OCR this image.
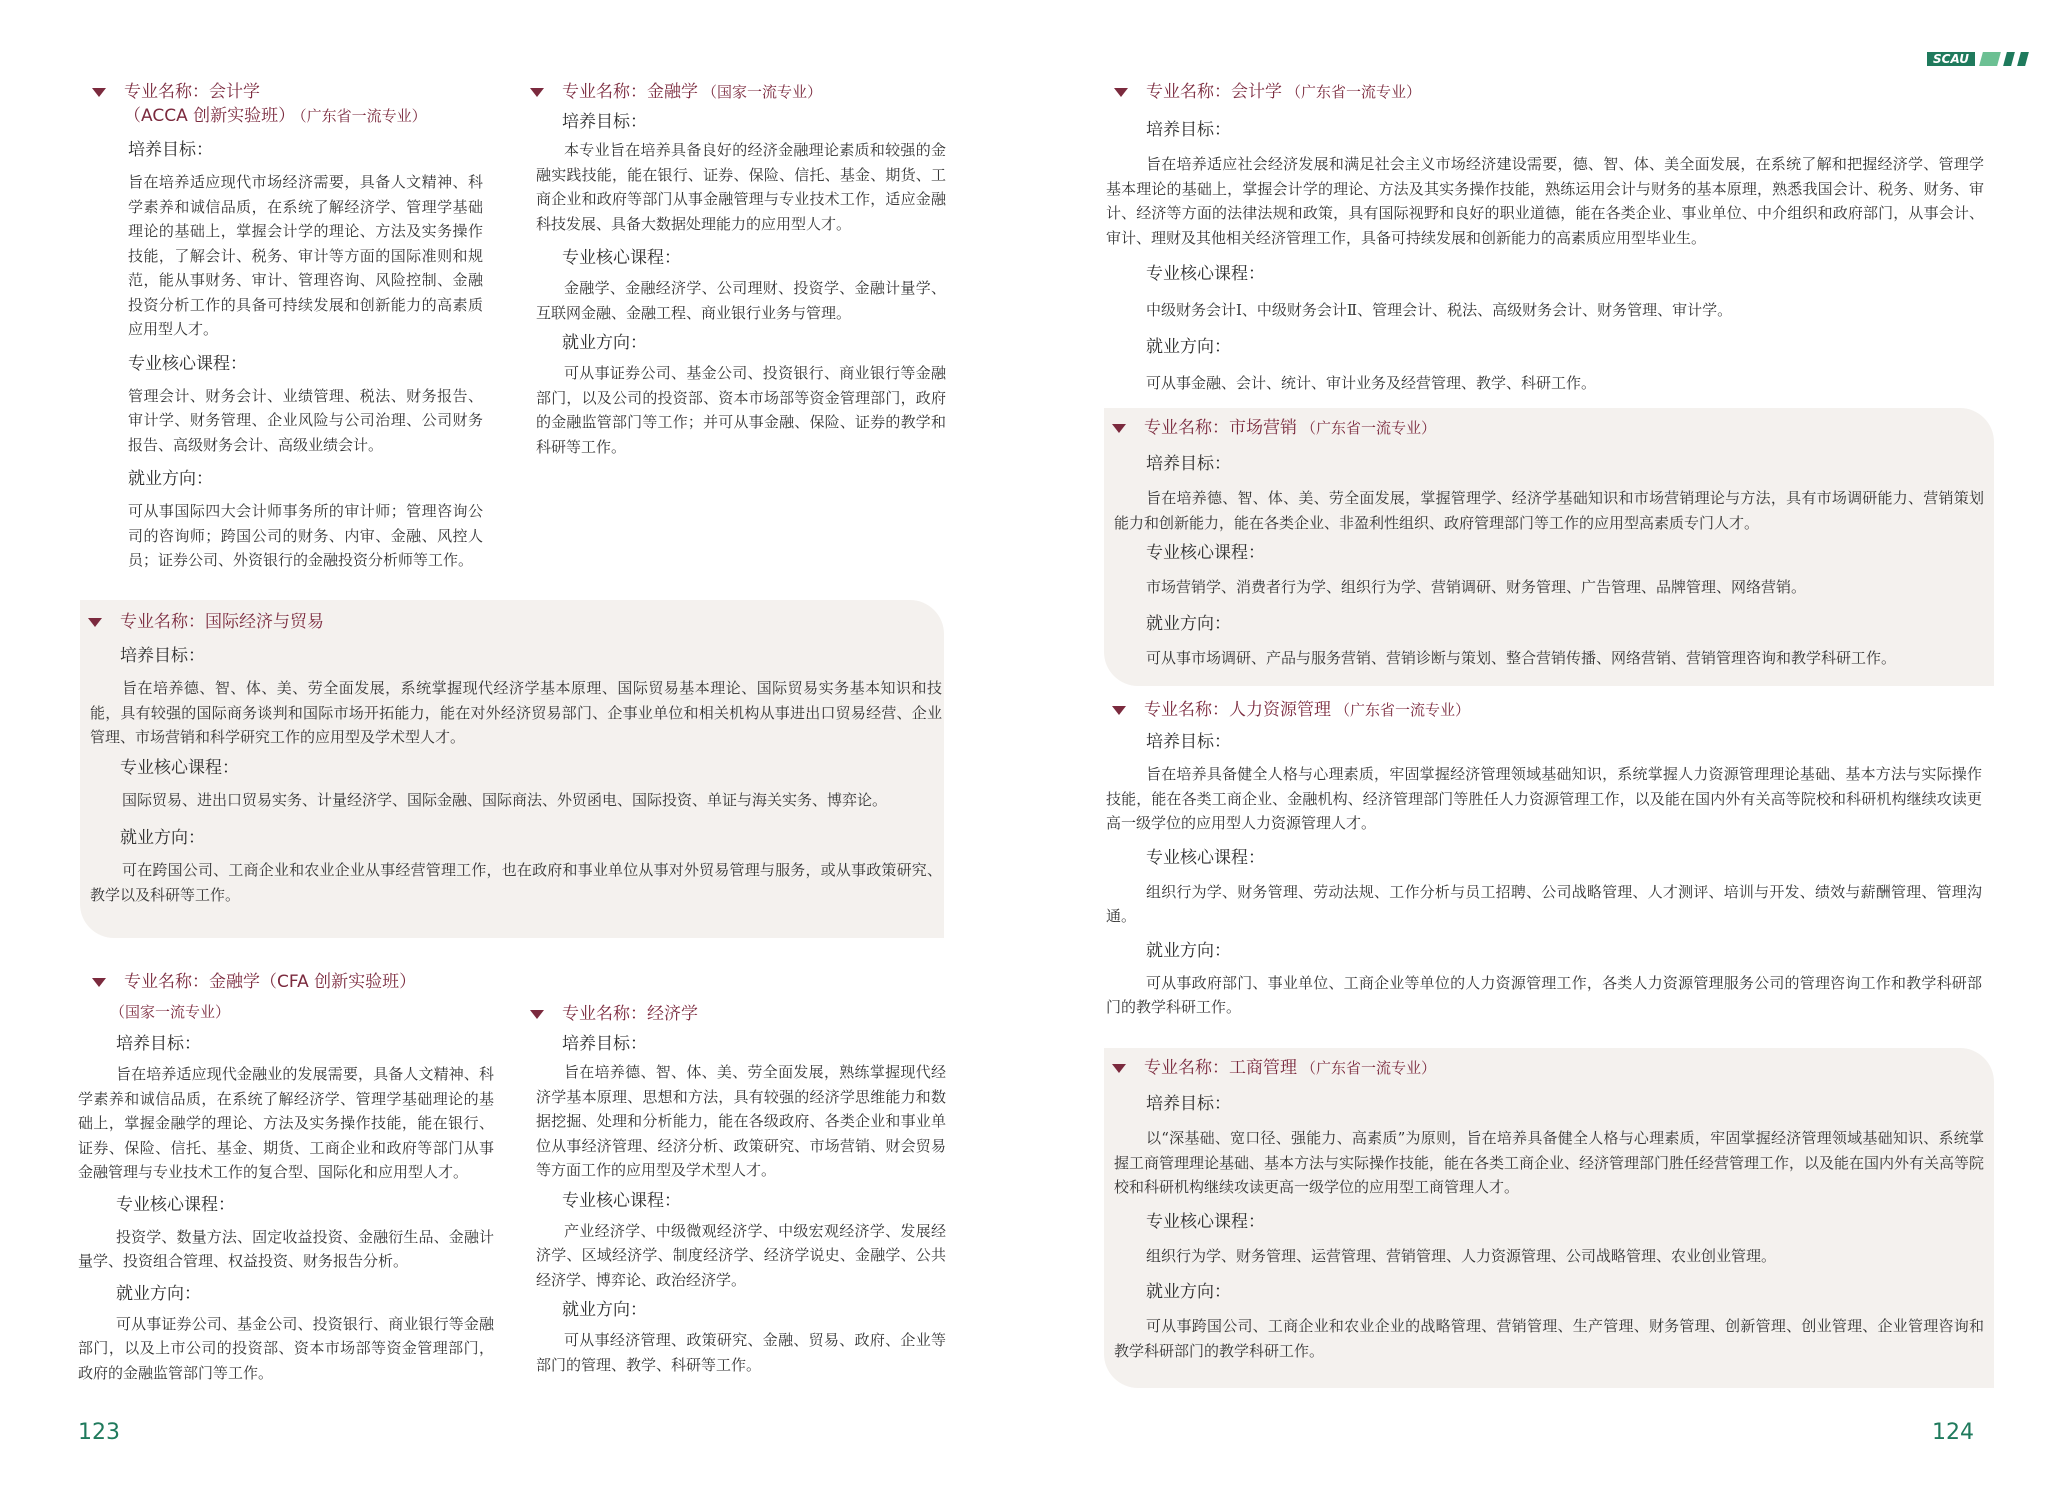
专业名称：会计学
（ACCA 创新实验班） （广东省一流专业）
培养目标：
旨在培养适应现代市场经济需要，具备人文精神、科学素养和诚信品质，在系统了解经济学、管理学基础理论的基础上，掌握会计学的理论、方法及实务操作技能，了解会计、税务、审计等方面的国际准则和规范，能从事财务、审计、管理咨询、风险控制、金融投资分析工作的具备可持续发展和创新能力的高素质应用型人才。
专业核心课程：
管理会计、财务会计、业绩管理、税法、财务报告、审计学、财务管理、企业风险与公司治理、公司财务报告、高级财务会计、高级业绩会计。
就业方向：
可从事国际四大会计师事务所的审计师；管理咨询公司的咨询师；跨国公司的财务、内审、金融、风控人员；证券公司、外资银行的金融投资分析师等工作。
专业名称： 金融学 （国家一流专业）
培养目标：
本专业旨在培养具备良好的经济金融理论素质和较强的金融实践技能，能在银行、证券、保险、信托、基金、期货、工商企业和政府等部门从事金融管理与专业技术工作，适应金融科技发展、具备大数据处理能力的应用型人才。
专业核心课程：
金融学、金融经济学、公司理财、投资学、金融计量学、互联网金融、金融工程、商业银行业务与管理。
就业方向：
可从事证券公司、基金公司、投资银行、商业银行等金融部门，以及公司的投资部、资本市场部等资金管理部门，政府的金融监管部门等工作；并可从事金融、保险、证券的教学和科研等工作。
专业名称： 国际经济与贸易
培养目标：
旨在培养德、智、体、美、劳全面发展，系统掌握现代经济学基本原理、国际贸易基本理论、国际贸易实务基本知识和技能，具有较强的国际商务谈判和国际市场开拓能力，能在对外经济贸易部门、企事业单位和相关机构从事进出口贸易经营、企业管理、市场营销和科学研究工作的应用型及学术型人才。
专业核心课程：
国际贸易、进出口贸易实务、计量经济学、国际金融、国际商法、外贸函电、国际投资、单证与海关实务、博弈论。
就业方向：
可在跨国公司、工商企业和农业企业从事经营管理工作，也在政府和事业单位从事对外贸易管理与服务，或从事政策研究、教学以及科研等工作。
专业名称： 金融学（CFA 创新实验班）
（国家一流专业）
培养目标：
旨在培养适应现代金融业的发展需要，具备人文精神、科学素养和诚信品质，在系统了解经济学、管理学基础理论的基础上，掌握金融学的理论、方法及实务操作技能，能在银行、证券、保险、信托、基金、期货、工商企业和政府等部门从事金融管理与专业技术工作的复合型、国际化和应用型人才。
专业核心课程：
投资学、数量方法、固定收益投资、金融衍生品、金融计量学、投资组合管理、权益投资、财务报告分析。
就业方向：
可从事证券公司、基金公司、投资银行、商业银行等金融部门，以及上市公司的投资部、资本市场部等资金管理部门，政府的金融监管部门等工作。
专业名称： 经济学
培养目标：
旨在培养德、智、体、美、劳全面发展，熟练掌握现代经济学基本原理、思想和方法，具有较强的经济学思维能力和数据挖掘、处理和分析能力，能在各级政府、各类企业和事业单位从事经济管理、经济分析、政策研究、市场营销、财会贸易等方面工作的应用型及学术型人才。
专业核心课程：
产业经济学、中级微观经济学、中级宏观经济学、发展经济学、区域经济学、制度经济学、经济学说史、金融学、公共经济学、博弈论、政治经济学。
就业方向：
可从事经济管理、政策研究、金融、贸易、政府、企业等部门的管理、教学、科研等工作。
123
SCAU
专业名称： 会计学 （广东省一流专业）
培养目标：
旨在培养适应社会经济发展和满足社会主义市场经济建设需要，德、智、体、美全面发展，在系统了解和把握经济学、管理学基本理论的基础上，掌握会计学的理论、方法及其实务操作技能，熟练运用会计与财务的基本原理，熟悉我国会计、税务、财务、审计、经济等方面的法律法规和政策，具有国际视野和良好的职业道德，能在各类企业、事业单位、中介组织和政府部门，从事会计、审计、理财及其他相关经济管理工作，具备可持续发展和创新能力的高素质应用型毕业生。
专业核心课程：
中级财务会计Ⅰ、中级财务会计Ⅱ、管理会计、税法、高级财务会计、财务管理、审计学。
就业方向：
可从事金融、会计、统计、审计业务及经营管理、教学、科研工作。
专业名称： 市场营销 （广东省一流专业）
培养目标：
旨在培养德、智、体、美、劳全面发展，掌握管理学、经济学基础知识和市场营销理论与方法，具有市场调研能力、营销策划能力和创新能力，能在各类企业、非盈利性组织、政府管理部门等工作的应用型高素质专门人才。
专业核心课程：
市场营销学、消费者行为学、组织行为学、营销调研、财务管理、广告管理、品牌管理、网络营销。
就业方向：
可从事市场调研、产品与服务营销、营销诊断与策划、整合营销传播、网络营销、营销管理咨询和教学科研工作。
专业名称： 人力资源管理 （广东省一流专业）
培养目标：
旨在培养具备健全人格与心理素质，牢固掌握经济管理领域基础知识，系统掌握人力资源管理理论基础、基本方法与实际操作技能，能在各类工商企业、金融机构、经济管理部门等胜任人力资源管理工作，以及能在国内外有关高等院校和科研机构继续攻读更高一级学位的应用型人力资源管理人才。
专业核心课程：
组织行为学、财务管理、劳动法规、工作分析与员工招聘、公司战略管理、人才测评、培训与开发、绩效与薪酬管理、管理沟通。
就业方向：
可从事政府部门、事业单位、工商企业等单位的人力资源管理工作，各类人力资源管理服务公司的管理咨询工作和教学科研部门的教学科研工作。
专业名称： 工商管理 （广东省一流专业）
培养目标：
以“深基础、宽口径、强能力、高素质”为原则，旨在培养具备健全人格与心理素质，牢固掌握经济管理领域基础知识、系统掌握工商管理理论基础、基本方法与实际操作技能，能在各类工商企业、经济管理部门胜任经营管理工作，以及能在国内外有关高等院校和科研机构继续攻读更高一级学位的应用型工商管理人才。
专业核心课程：
组织行为学、财务管理、运营管理、营销管理、人力资源管理、公司战略管理、农业创业管理。
就业方向：
可从事跨国公司、工商企业和农业企业的战略管理、营销管理、生产管理、财务管理、创新管理、创业管理、企业管理咨询和教学科研部门的教学科研工作。
124
